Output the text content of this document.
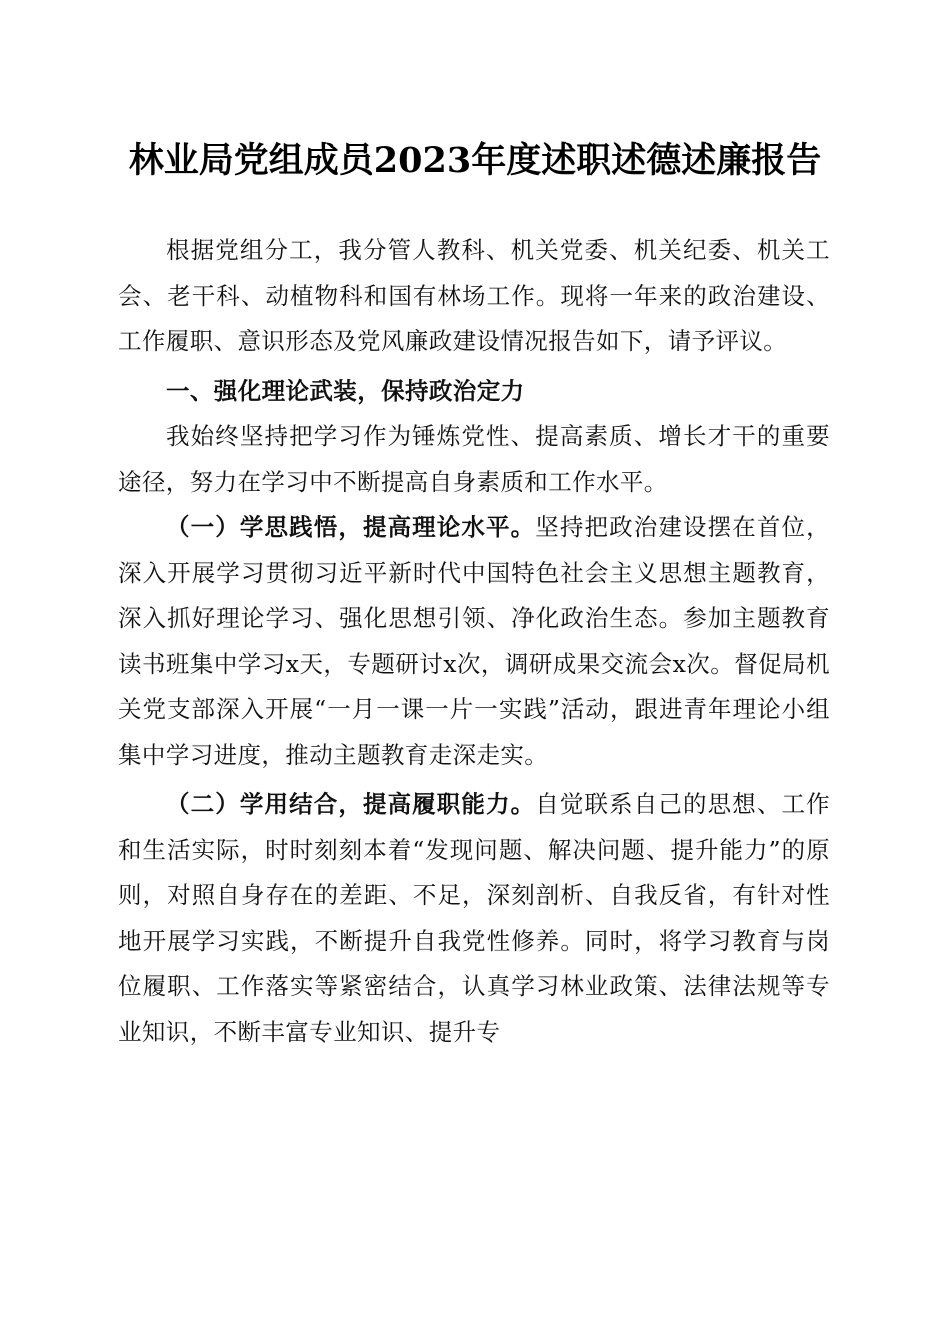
林业局党组成员2023年度述职述德述廉报告

根据党组分工，我分管人教科、机关党委、机关纪委、机关工会、老干科、动植物科和国有林场工作。现将一年来的政治建设、工作履职、意识形态及党风廉政建设情况报告如下，请予评议。

一、强化理论武装，保持政治定力

我始终坚持把学习作为锤炼党性、提高素质、增长才干的重要途径，努力在学习中不断提高自身素质和工作水平。

（一）学思践悟，提高理论水平。坚持把政治建设摆在首位，深入开展学习贯彻习近平新时代中国特色社会主义思想主题教育，深入抓好理论学习、强化思想引领、净化政治生态。参加主题教育读书班集中学习x天，专题研讨x次，调研成果交流会x次。督促局机关党支部深入开展“一月一课一片一实践”活动，跟进青年理论小组集中学习进度，推动主题教育走深走实。

（二）学用结合，提高履职能力。自觉联系自己的思想、工作和生活实际，时时刻刻本着“发现问题、解决问题、提升能力”的原则，对照自身存在的差距、不足，深刻剖析、自我反省，有针对性地开展学习实践，不断提升自我党性修养。同时，将学习教育与岗位履职、工作落实等紧密结合，认真学习林业政策、法律法规等专业知识，不断丰富专业知识、提升专
